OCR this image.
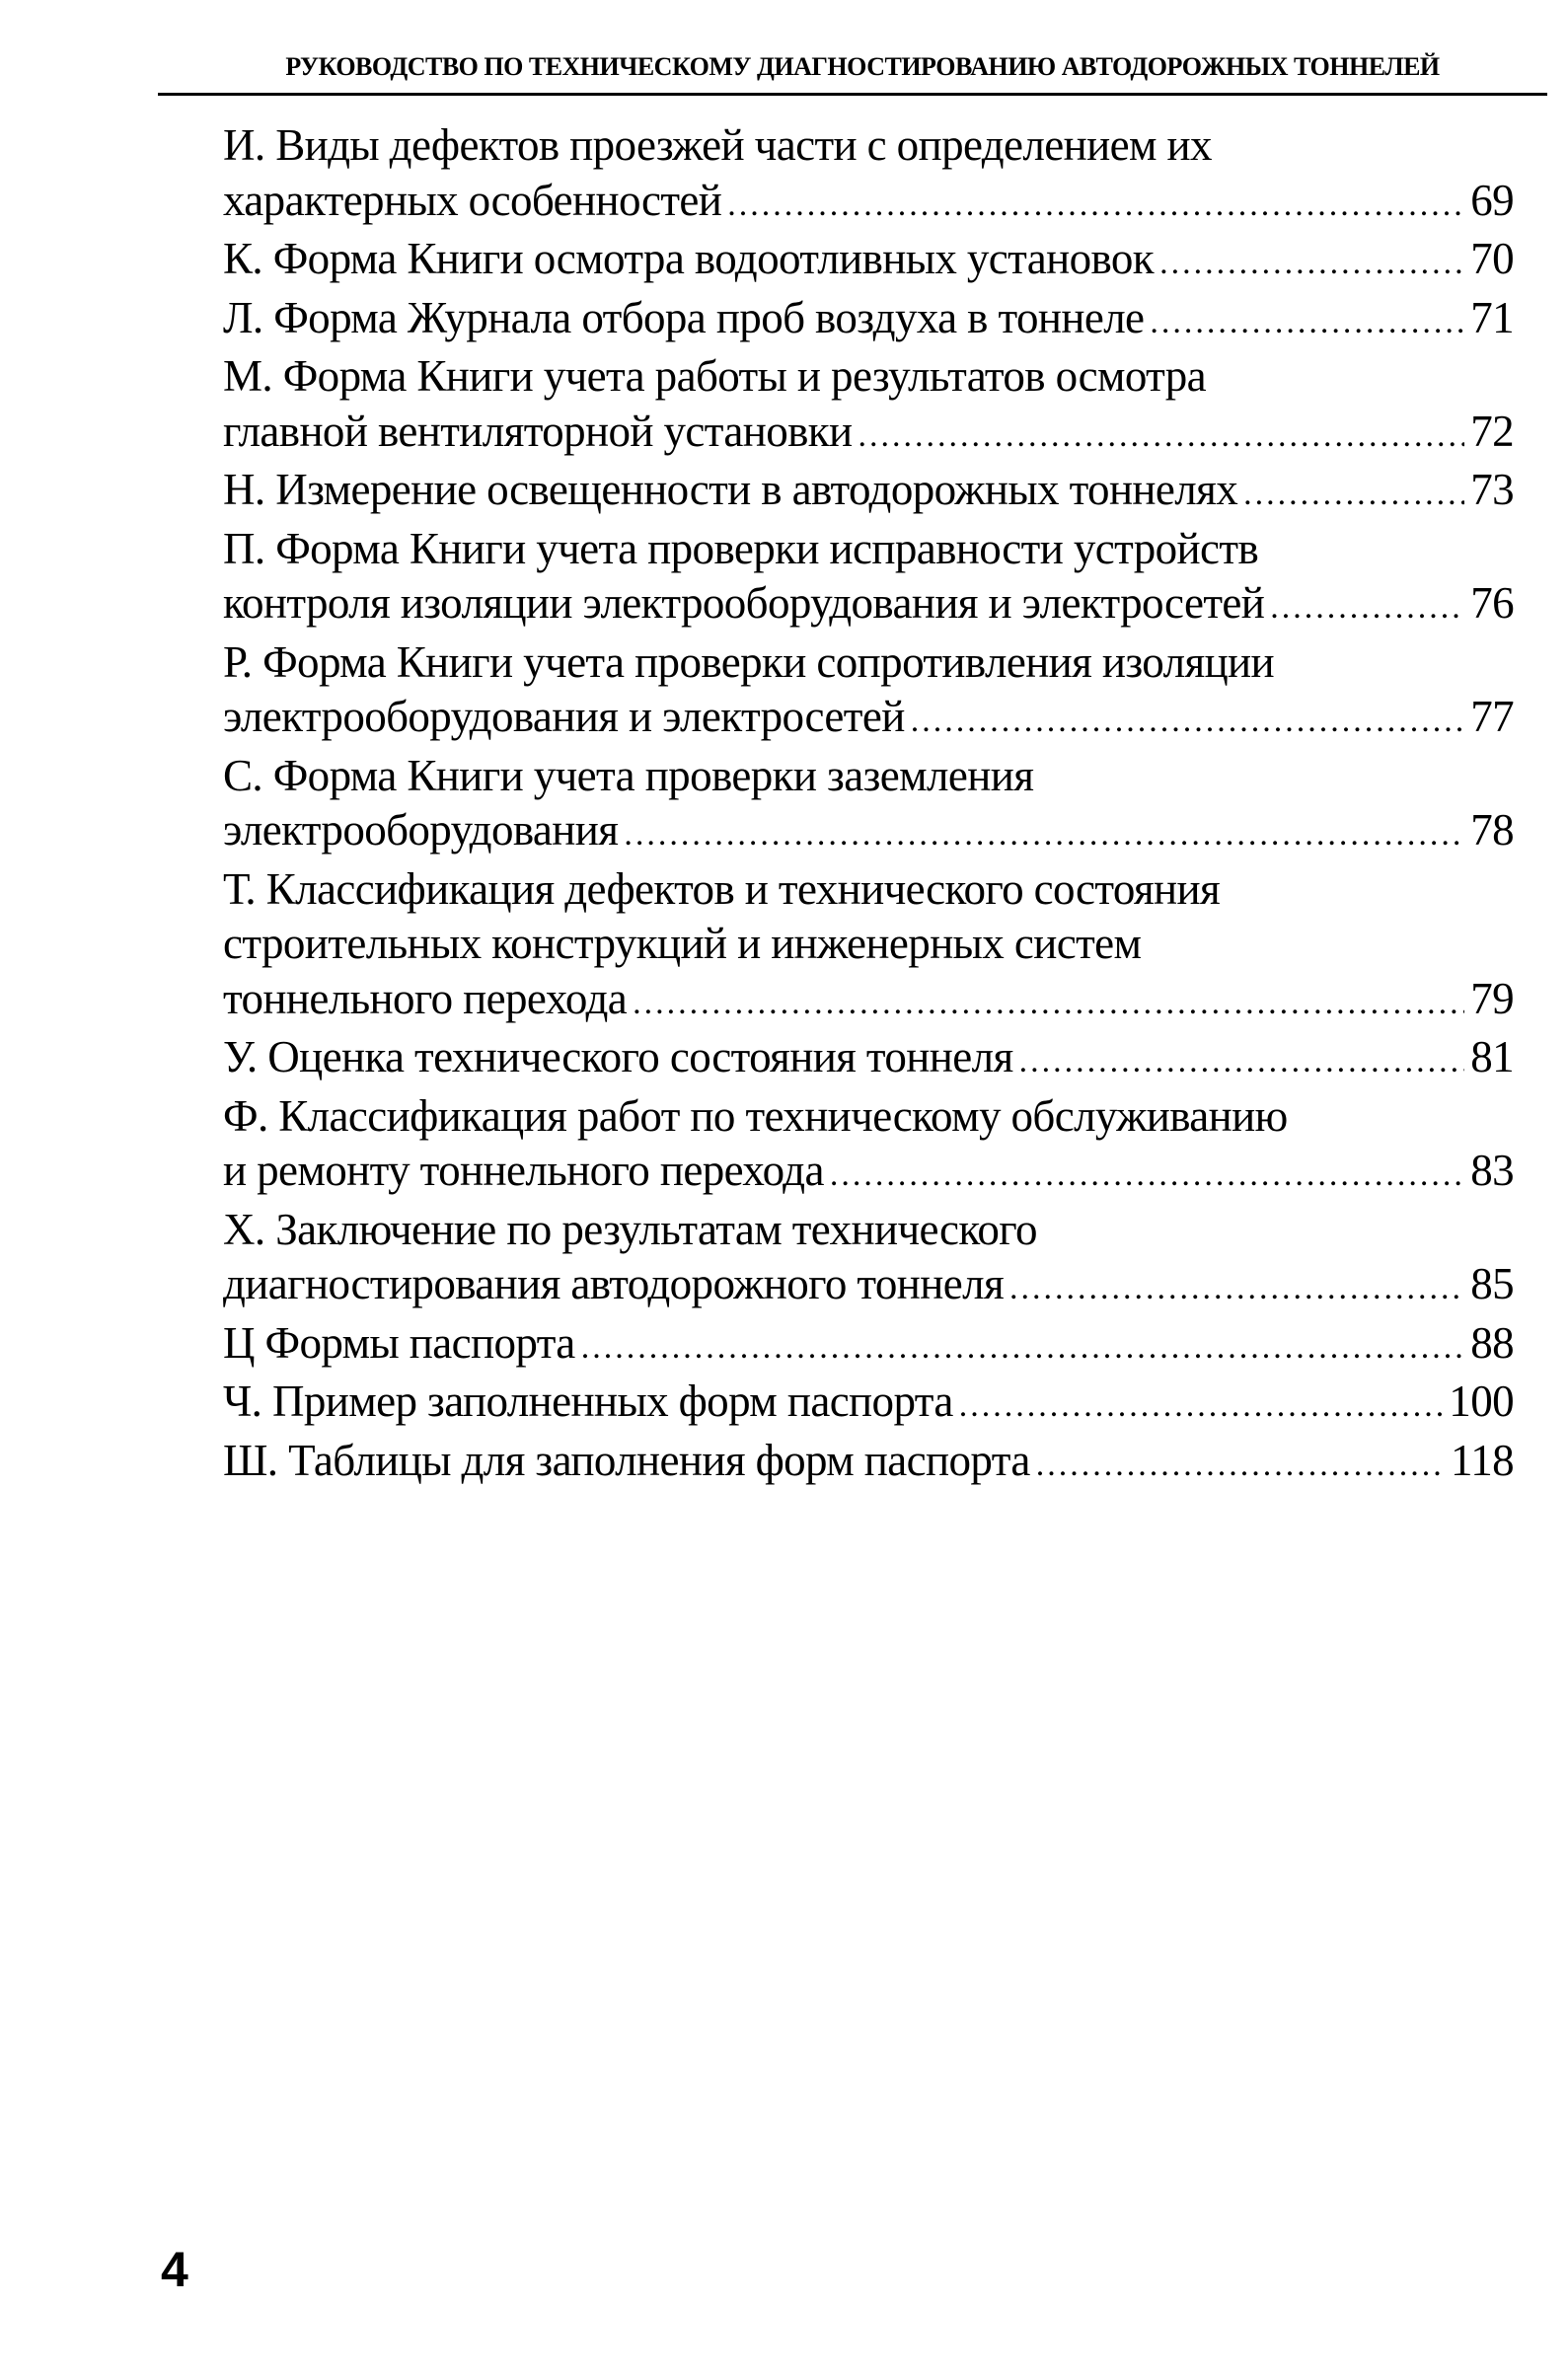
РУКОВОДСТВО ПО ТЕХНИЧЕСКОМУ ДИАГНОСТИРОВАНИЮ АВТОДОРОЖНЫХ ТОННЕЛЕЙ
И. Виды дефектов проезжей части с определением их
характерных особенностей .....	69
К. Форма Книги осмотра водоотливных установок .....	70
Л. Форма Журнала отбора проб воздуха в тоннеле .....	71
М. Форма Книги учета работы и результатов осмотра
главной вентиляторной установки .....	72
Н. Измерение освещенности в автодорожных тоннелях .....	73
П. Форма Книги учета проверки исправности устройств
контроля изоляции электрооборудования и электросетей .....	76
Р. Форма Книги учета проверки сопротивления изоляции
электрооборудования и электросетей .....	77
С. Форма Книги учета проверки заземления
электрооборудования .....	78
Т. Классификация дефектов и технического состояния
строительных конструкций и инженерных систем
тоннельного перехода .....	79
У. Оценка технического состояния тоннеля .....	81
Ф. Классификация работ по техническому обслуживанию
и ремонту тоннельного перехода .....	83
Х. Заключение по результатам технического
диагностирования автодорожного тоннеля .....	85
Ц Формы паспорта .....	88
Ч. Пример заполненных форм паспорта .....	100
Ш. Таблицы для заполнения форм паспорта .....	118
4
